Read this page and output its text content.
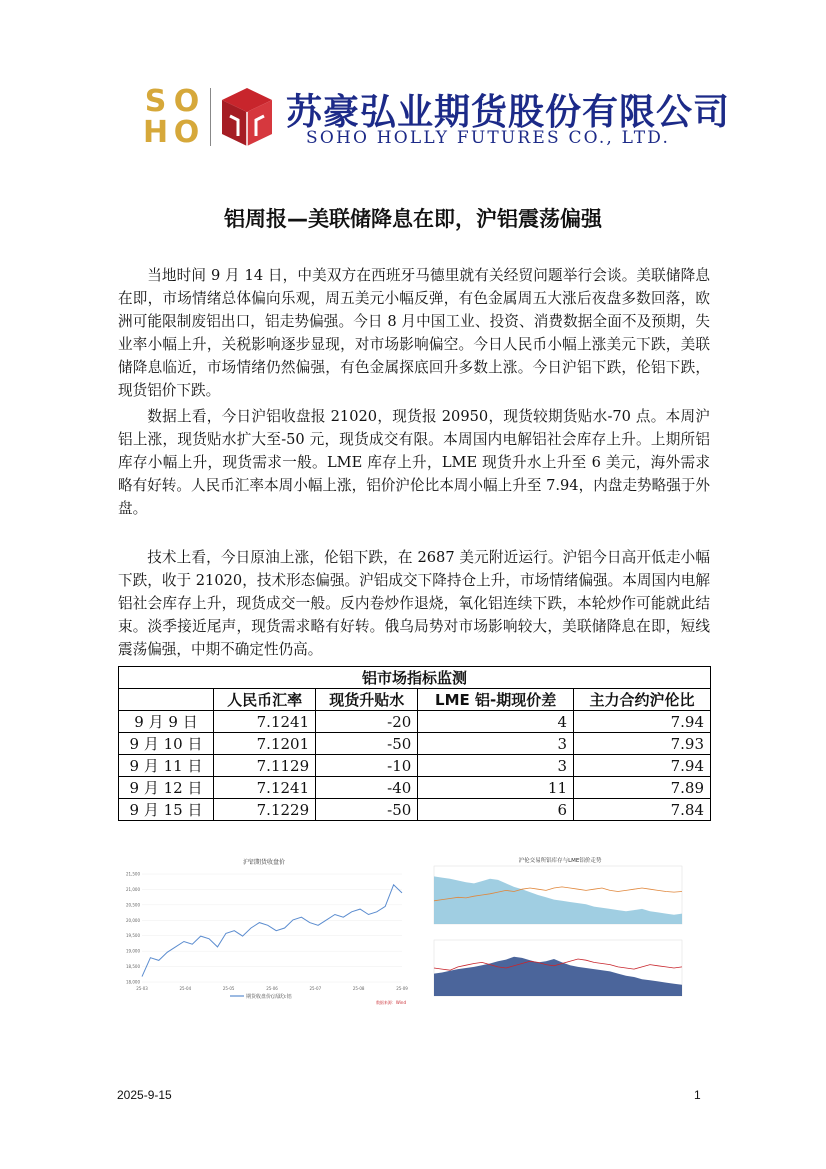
S O
H O 苏豪弘业期货股份有限公司
SOHO HOLLY FUTURES CO., LTD.
铝周报—美联储降息在即，沪铝震荡偏强

当地时间 9 月 14 日，中美双方在西班牙马德里就有关经贸问题举行会谈。美联储降息在即，市场情绪总体偏向乐观，周五美元小幅反弹，有色金属周五大涨后夜盘多数回落，欧洲可能限制废铝出口，铝走势偏强。今日 8 月中国工业、投资、消费数据全面不及预期，失业率小幅上升，关税影响逐步显现，对市场影响偏空。今日人民币小幅上涨美元下跌，美联储降息临近，市场情绪仍然偏强，有色金属探底回升多数上涨。今日沪铝下跌，伦铝下跌，现货铝价下跌。

数据上看，今日沪铝收盘报 21020，现货报 20950，现货较期货贴水-70 点。本周沪铝上涨，现货贴水扩大至-50 元，现货成交有限。本周国内电解铝社会库存上升。上期所铝库存小幅上升，现货需求一般。LME 库存上升，LME 现货升水上升至 6 美元，海外需求略有好转。人民币汇率本周小幅上涨，铝价沪伦比本周小幅上升至 7.94，内盘走势略强于外盘。

技术上看，今日原油上涨，伦铝下跌，在 2687 美元附近运行。沪铝今日高开低走小幅下跌，收于 21020，技术形态偏强。沪铝成交下降持仓上升，市场情绪偏强。本周国内电解铝社会库存上升，现货成交一般。反内卷炒作退烧，氧化铝连续下跌，本轮炒作可能就此结束。淡季接近尾声，现货需求略有好转。俄乌局势对市场影响较大，美联储降息在即，短线震荡偏强，中期不确定性仍高。

铝市场指标监测				
	人民币汇率	现货升贴水	LME 铝-期现价差	主力合约沪伦比
9 月 9 日	7.1241	-20	4	7.94
9 月 10 日	7.1201	-50	3	7.93
9 月 11 日	7.1129	-10	3	7.94
9 月 12 日	7.1241	-40	11	7.89
9 月 15 日	7.1229	-50	6	7.84
沪铝期货收盘价
21,500
21,000
20,500
20,000
19,500
19,000
18,500
18,000
25-03	25-04	25-05	25-06	25-07	25-08	25-09
期货收盘价(活跃):铝
数据来源：Wind
沪伦交易所铝库存与LME铝价走势
2025-9-15	1
